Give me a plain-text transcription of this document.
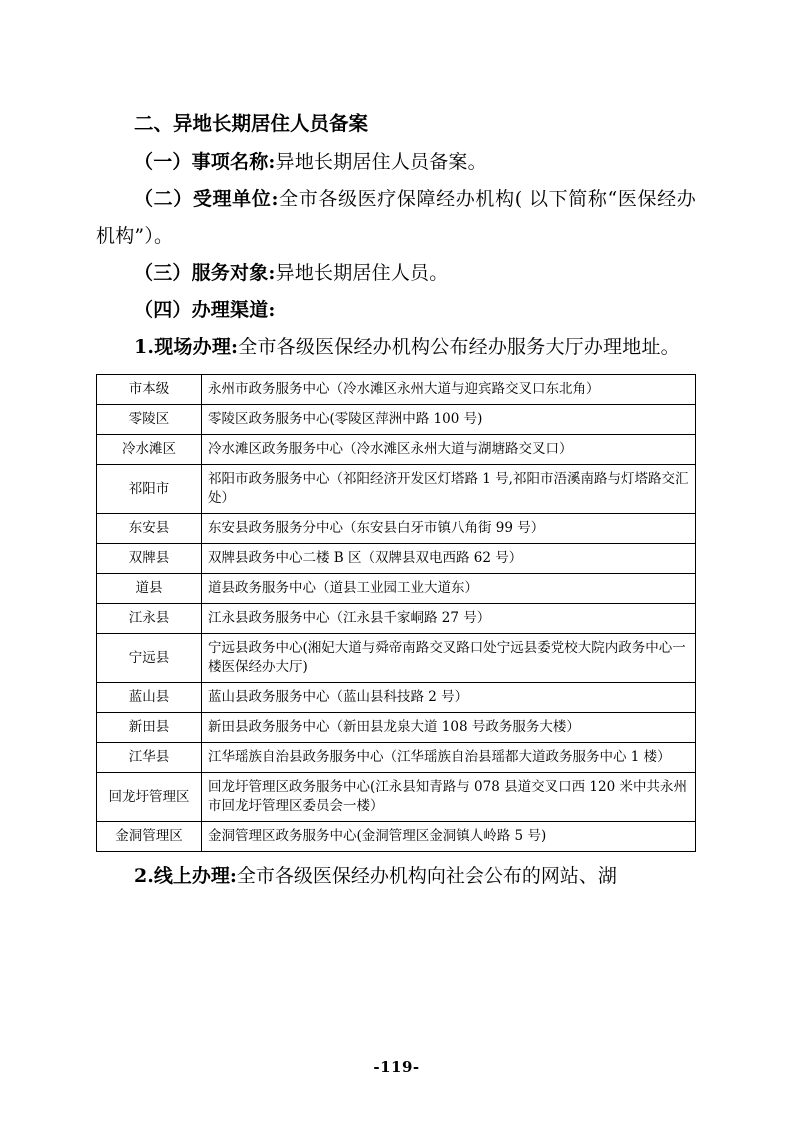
二、异地长期居住人员备案

（一）事项名称:异地长期居住人员备案。

（二）受理单位:全市各级医疗保障经办机构( 以下简称“医保经办机构”）。

（三）服务对象:异地长期居住人员。

（四）办理渠道:

1.现场办理:全市各级医保经办机构公布经办服务大厅办理地址。

市本级	永州市政务服务中心（冷水滩区永州大道与迎宾路交叉口东北角）
零陵区	零陵区政务服务中心(零陵区萍洲中路 100 号)
冷水滩区	冷水滩区政务服务中心（冷水滩区永州大道与湖塘路交叉口）
祁阳市	祁阳市政务服务中心（祁阳经济开发区灯塔路 1 号,祁阳市浯溪南路与灯塔路交汇处）
东安县	东安县政务服务分中心（东安县白牙市镇八角街 99 号）
双牌县	双牌县政务中心二楼 B 区（双牌县双电西路 62 号）
道县	道县政务服务中心（道县工业园工业大道东）
江永县	江永县政务服务中心（江永县千家峒路 27 号）
宁远县	宁远县政务中心(湘妃大道与舜帝南路交叉路口处宁远县委党校大院内政务中心一楼医保经办大厅)
蓝山县	蓝山县政务服务中心（蓝山县科技路 2 号）
新田县	新田县政务服务中心（新田县龙泉大道 108 号政务服务大楼）
江华县	江华瑶族自治县政务服务中心（江华瑶族自治县瑶都大道政务服务中心 1 楼）
回龙圩管理区	回龙圩管理区政务服务中心(江永县知青路与 078 县道交叉口西 120 米中共永州市回龙圩管理区委员会一楼）
金洞管理区	金洞管理区政务服务中心(金洞管理区金洞镇人岭路 5 号)

2.线上办理:全市各级医保经办机构向社会公布的网站、湖

-119-
